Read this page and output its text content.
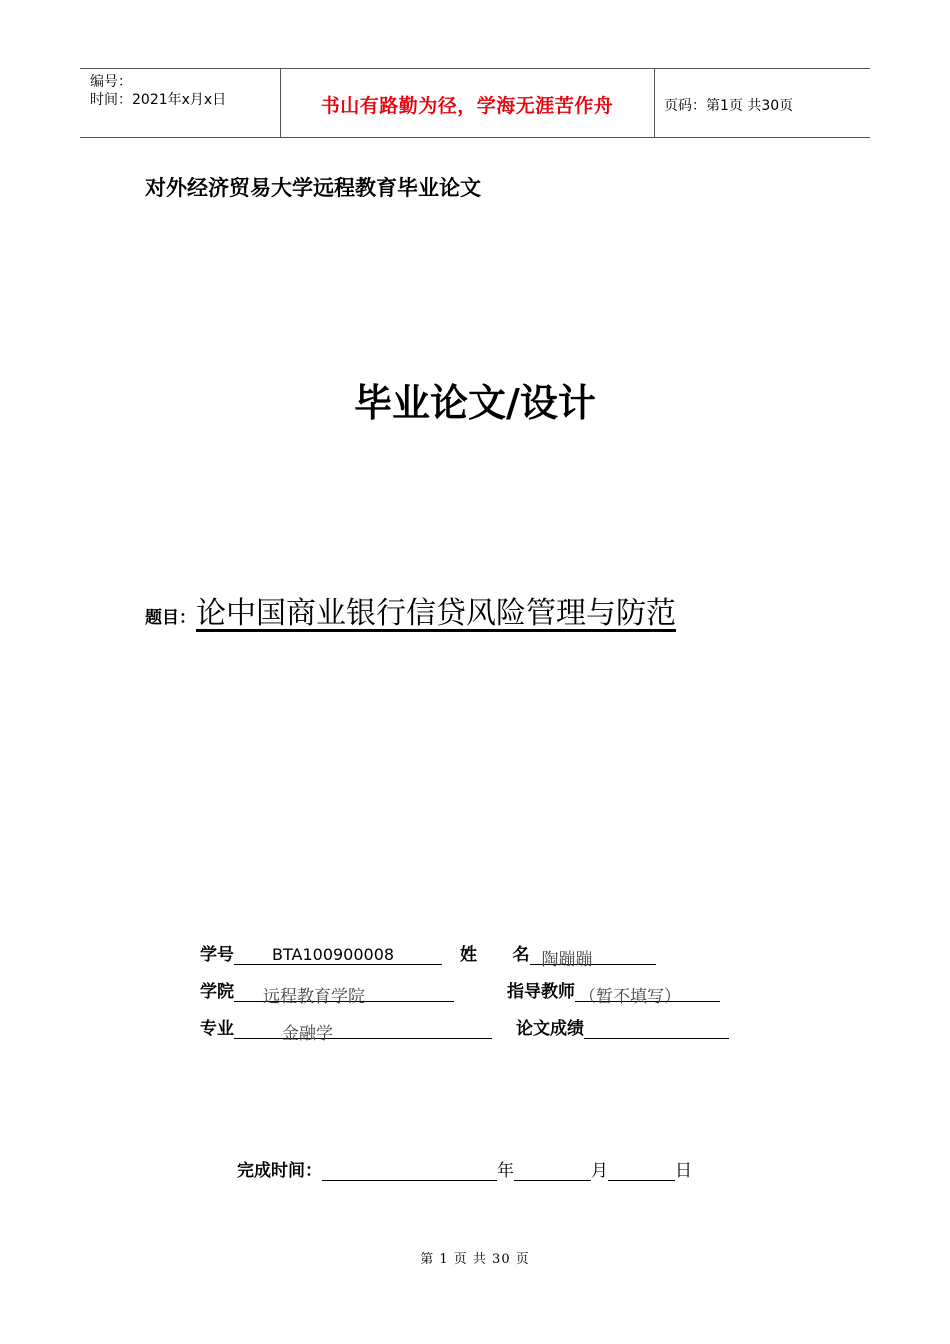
编号：
时间：2021年x月x日	书山有路勤为径，学海无涯苦作舟	页码：第1页 共30页
对外经济贸易大学远程教育毕业论文
毕业论文/设计
题目：论中国商业银行信贷风险管理与防范
学号 BTA100900008	姓      名 陶蹦蹦
学院 远程教育学院	指导教师 （暂不填写）
专业	金融学	论文成绩
完成时间：	年	月	日
第 1 页 共 30 页
